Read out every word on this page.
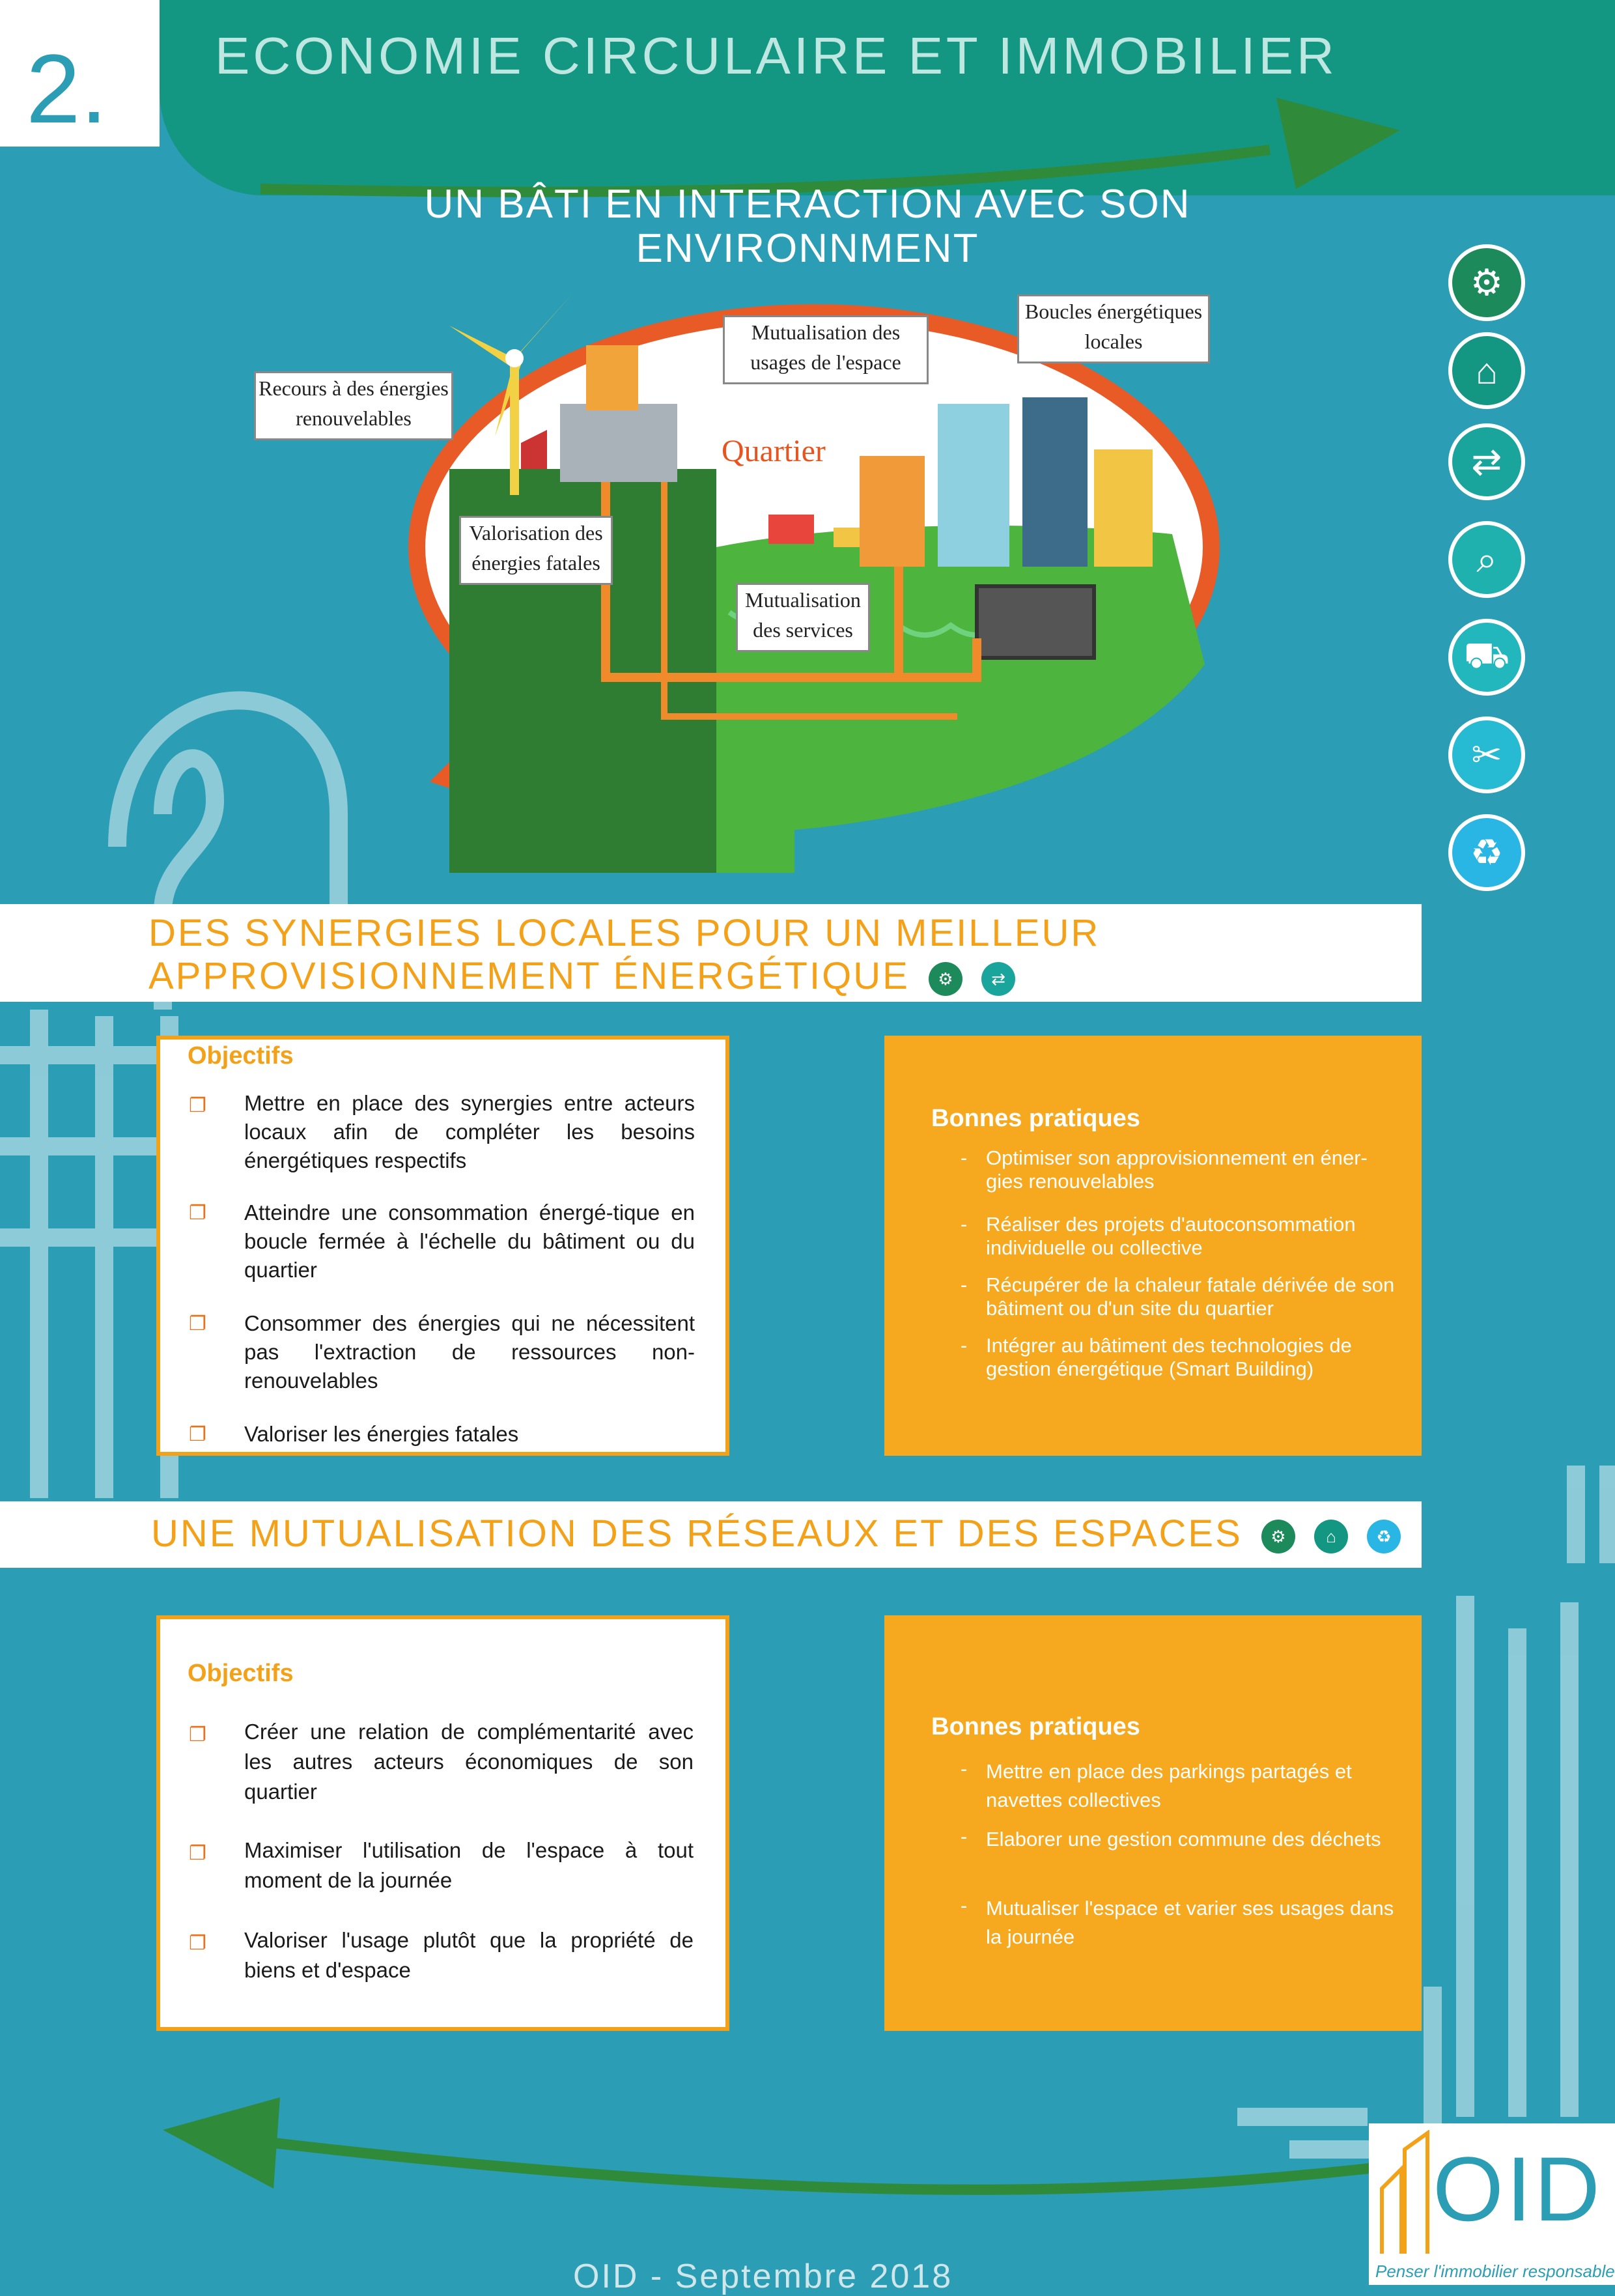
2. ECONOMIE CIRCULAIRE ET IMMOBILIER
UN BÂTI EN INTERACTION AVEC SON ENVIRONNMENT
Recours à des énergies renouvelables
Mutualisation des usages de l'espace
Boucles énergétiques locales
Quartier
Valorisation des énergies fatales
Mutualisation des services
⚙
⌂
⇄
⌕
⛟
✂
♻
DES SYNERGIES LOCALES POUR UN MEILLEUR APPROVISIONNEMENT ÉNERGÉTIQUE ⚙ ⇄
Objectifs
❐ Mettre en place des synergies entre acteurs locaux afin de compléter les besoins énergétiques respectifs
❐ Atteindre une consommation énergé-tique en boucle fermée à l'échelle du bâtiment ou du quartier
❐ Consommer des énergies qui ne nécessitent pas l'extraction de ressources non-renouvelables
❐ Valoriser les énergies fatales
Bonnes pratiques
- Optimiser son approvisionnement en éner-gies renouvelables
- Réaliser des projets d'autoconsommation individuelle ou collective
- Récupérer de la chaleur fatale dérivée de son bâtiment ou d'un site du quartier
- Intégrer au bâtiment des technologies de gestion énergétique (Smart Building)
UNE MUTUALISATION DES RÉSEAUX ET DES ESPACES ⚙ ⌂ ♻
Objectifs
❐ Créer une relation de complémentarité avec les autres acteurs économiques de son quartier
❐ Maximiser l'utilisation de l'espace à tout moment de la journée
❐ Valoriser l'usage plutôt que la propriété de biens et d'espace
Bonnes pratiques
- Mettre en place des parkings partagés et navettes collectives
- Elaborer une gestion commune des déchets
- Mutualiser l'espace et varier ses usages dans la journée
OID - Septembre 2018
OID
Penser l'immobilier responsable
